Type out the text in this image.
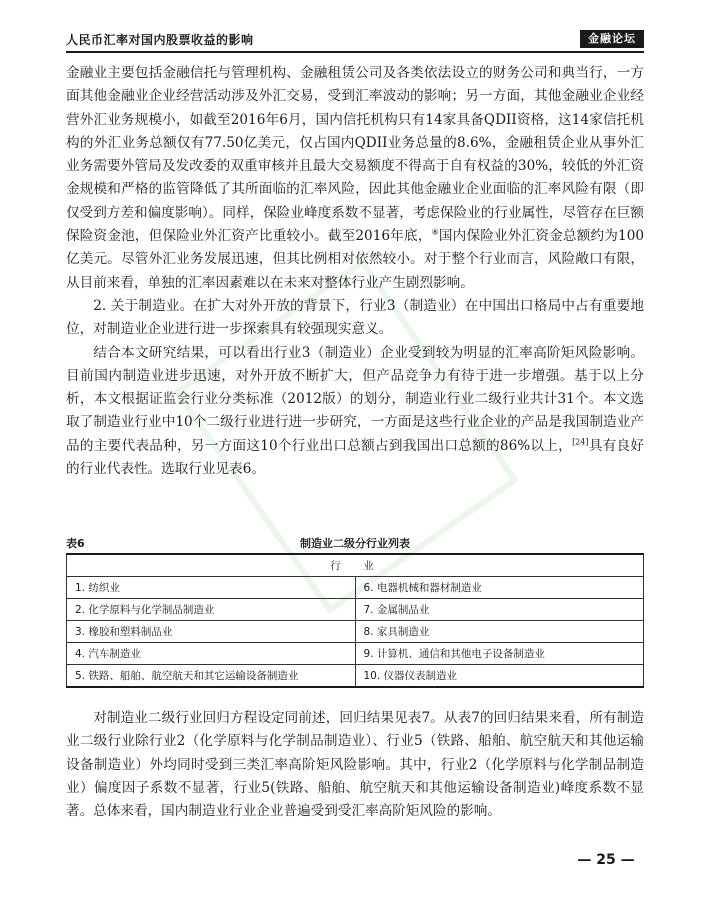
人民币汇率对国内股票收益的影响	金融论坛

金融业主要包括金融信托与管理机构、金融租赁公司及各类依法设立的财务公司和典当行，一方面其他金融业企业经营活动涉及外汇交易，受到汇率波动的影响；另一方面，其他金融业企业经营外汇业务规模小，如截至2016年6月，国内信托机构只有14家具备QDII资格，这14家信托机构的外汇业务总额仅有77.50亿美元，仅占国内QDII业务总量的8.6%，金融租赁企业从事外汇业务需要外管局及发改委的双重审核并且最大交易额度不得高于自有权益的30%，较低的外汇资金规模和严格的监管降低了其所面临的汇率风险，因此其他金融业企业面临的汇率风险有限（即仅受到方差和偏度影响）。同样，保险业峰度系数不显著，考虑保险业的行业属性，尽管存在巨额保险资金池，但保险业外汇资产比重较小。截至2016年底，⑧国内保险业外汇资金总额约为100亿美元。尽管外汇业务发展迅速，但其比例相对依然较小。对于整个行业而言，风险敞口有限，从目前来看，单独的汇率因素难以在未来对整体行业产生剧烈影响。

2. 关于制造业。在扩大对外开放的背景下，行业3（制造业）在中国出口格局中占有重要地位，对制造业企业进行进一步探索具有较强现实意义。

结合本文研究结果，可以看出行业3（制造业）企业受到较为明显的汇率高阶矩风险影响。目前国内制造业进步迅速，对外开放不断扩大，但产品竞争力有待于进一步增强。基于以上分析，本文根据证监会行业分类标准（2012版）的划分，制造业行业二级行业共计31个。本文选取了制造业行业中10个二级行业进行进一步研究，一方面是这些行业企业的产品是我国制造业产品的主要代表品种，另一方面这10个行业出口总额占到我国出口总额的86%以上，[24]具有良好的行业代表性。选取行业见表6。

表6	制造业二级分行业列表
行　业	
1. 纺织业	6. 电器机械和器材制造业
2. 化学原料与化学制品制造业	7. 金属制品业
3. 橡胶和塑料制品业	8. 家具制造业
4. 汽车制造业	9. 计算机、通信和其他电子设备制造业
5. 铁路、船舶、航空航天和其它运输设备制造业	10. 仪器仪表制造业

对制造业二级行业回归方程设定同前述，回归结果见表7。从表7的回归结果来看，所有制造业二级行业除行业2（化学原料与化学制品制造业）、行业5（铁路、船舶、航空航天和其他运输设备制造业）外均同时受到三类汇率高阶矩风险影响。其中，行业2（化学原料与化学制品制造业）偏度因子系数不显著，行业5(铁路、船舶、航空航天和其他运输设备制造业)峰度系数不显著。总体来看，国内制造业行业企业普遍受到受汇率高阶矩风险的影响。

— 25 —
